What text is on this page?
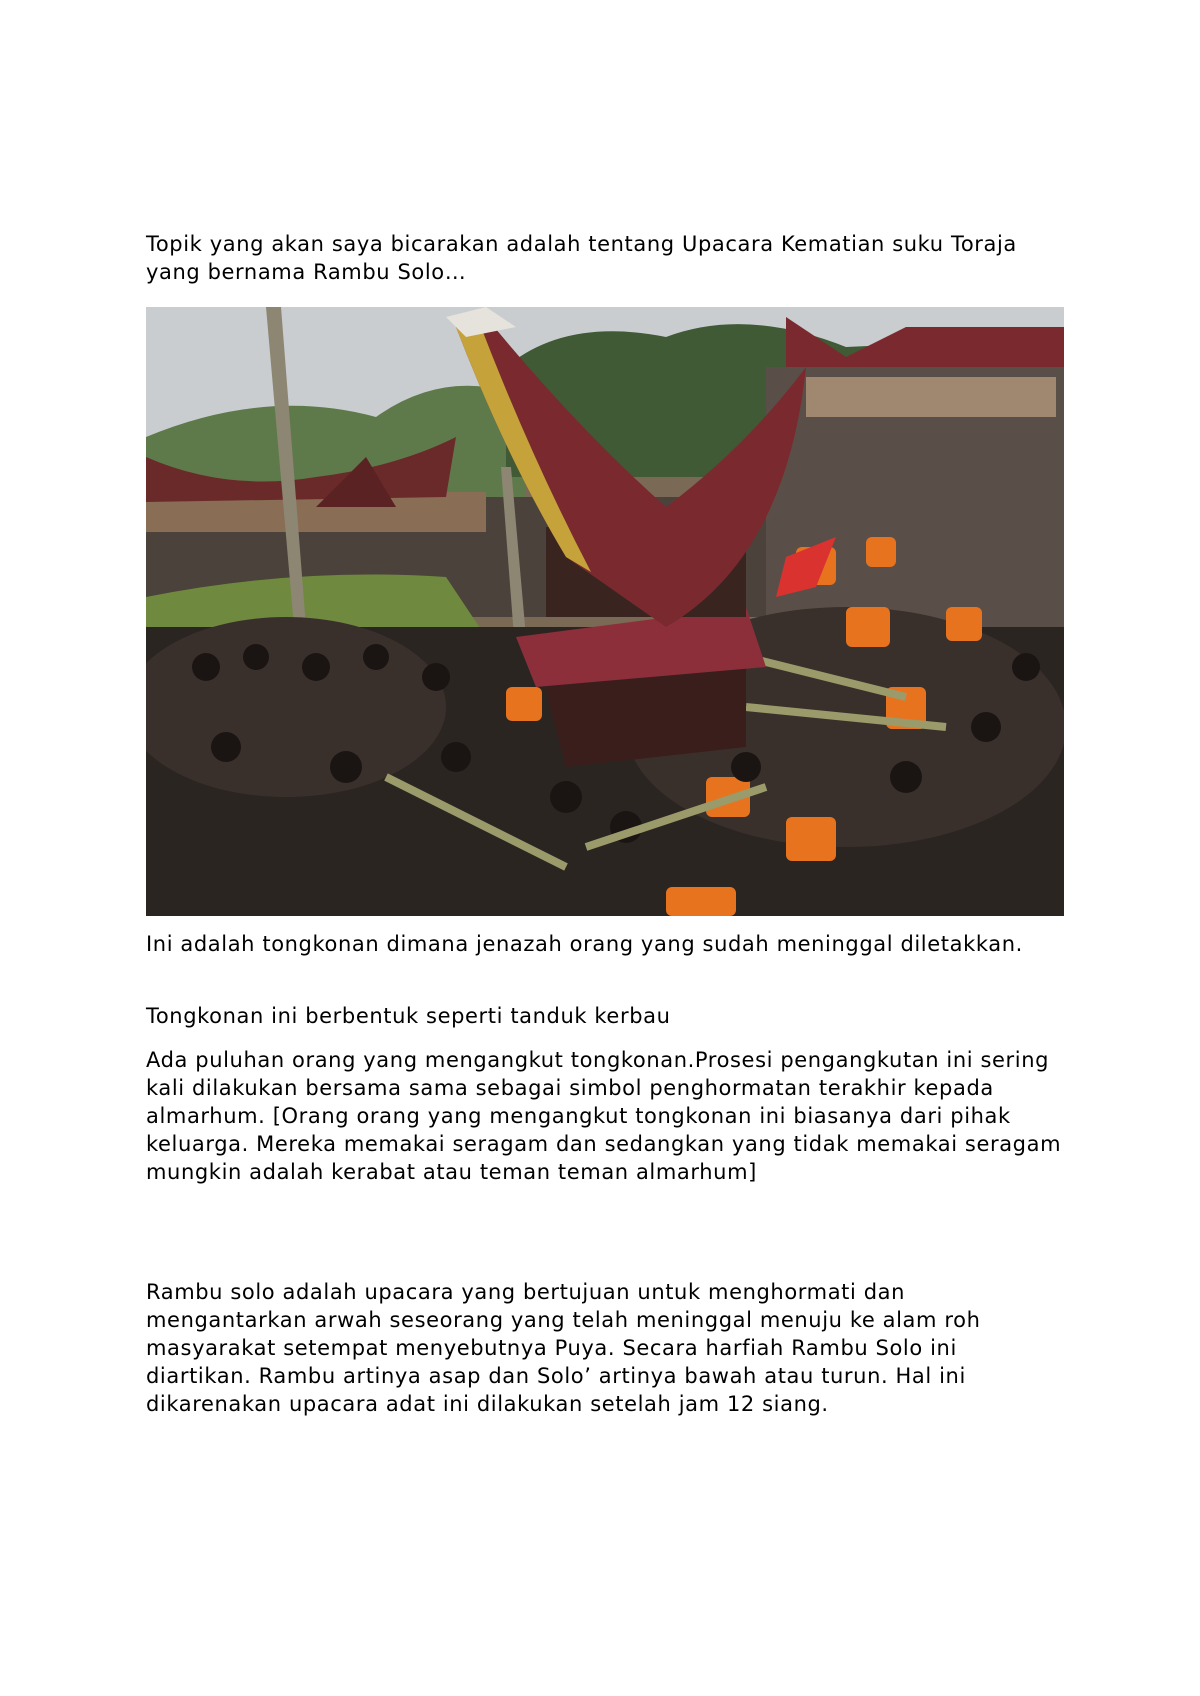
Topik yang akan saya bicarakan adalah tentang Upacara Kematian suku Toraja yang bernama Rambu Solo…

Ini adalah tongkonan dimana jenazah orang yang sudah meninggal diletakkan.

Tongkonan ini berbentuk seperti tanduk kerbau

Ada puluhan orang yang mengangkut tongkonan.Prosesi pengangkutan ini sering kali dilakukan bersama sama sebagai simbol penghormatan terakhir kepada almarhum. [Orang orang yang mengangkut tongkonan ini biasanya dari pihak keluarga. Mereka memakai seragam dan sedangkan yang tidak memakai seragam mungkin adalah kerabat atau teman teman almarhum]

Rambu solo adalah upacara yang bertujuan untuk menghormati dan mengantarkan arwah seseorang yang telah meninggal menuju ke alam roh masyarakat setempat menyebutnya Puya. Secara harfiah Rambu Solo ini diartikan. Rambu artinya asap dan Solo’ artinya bawah atau turun. Hal ini dikarenakan upacara adat ini dilakukan setelah jam 12 siang.
